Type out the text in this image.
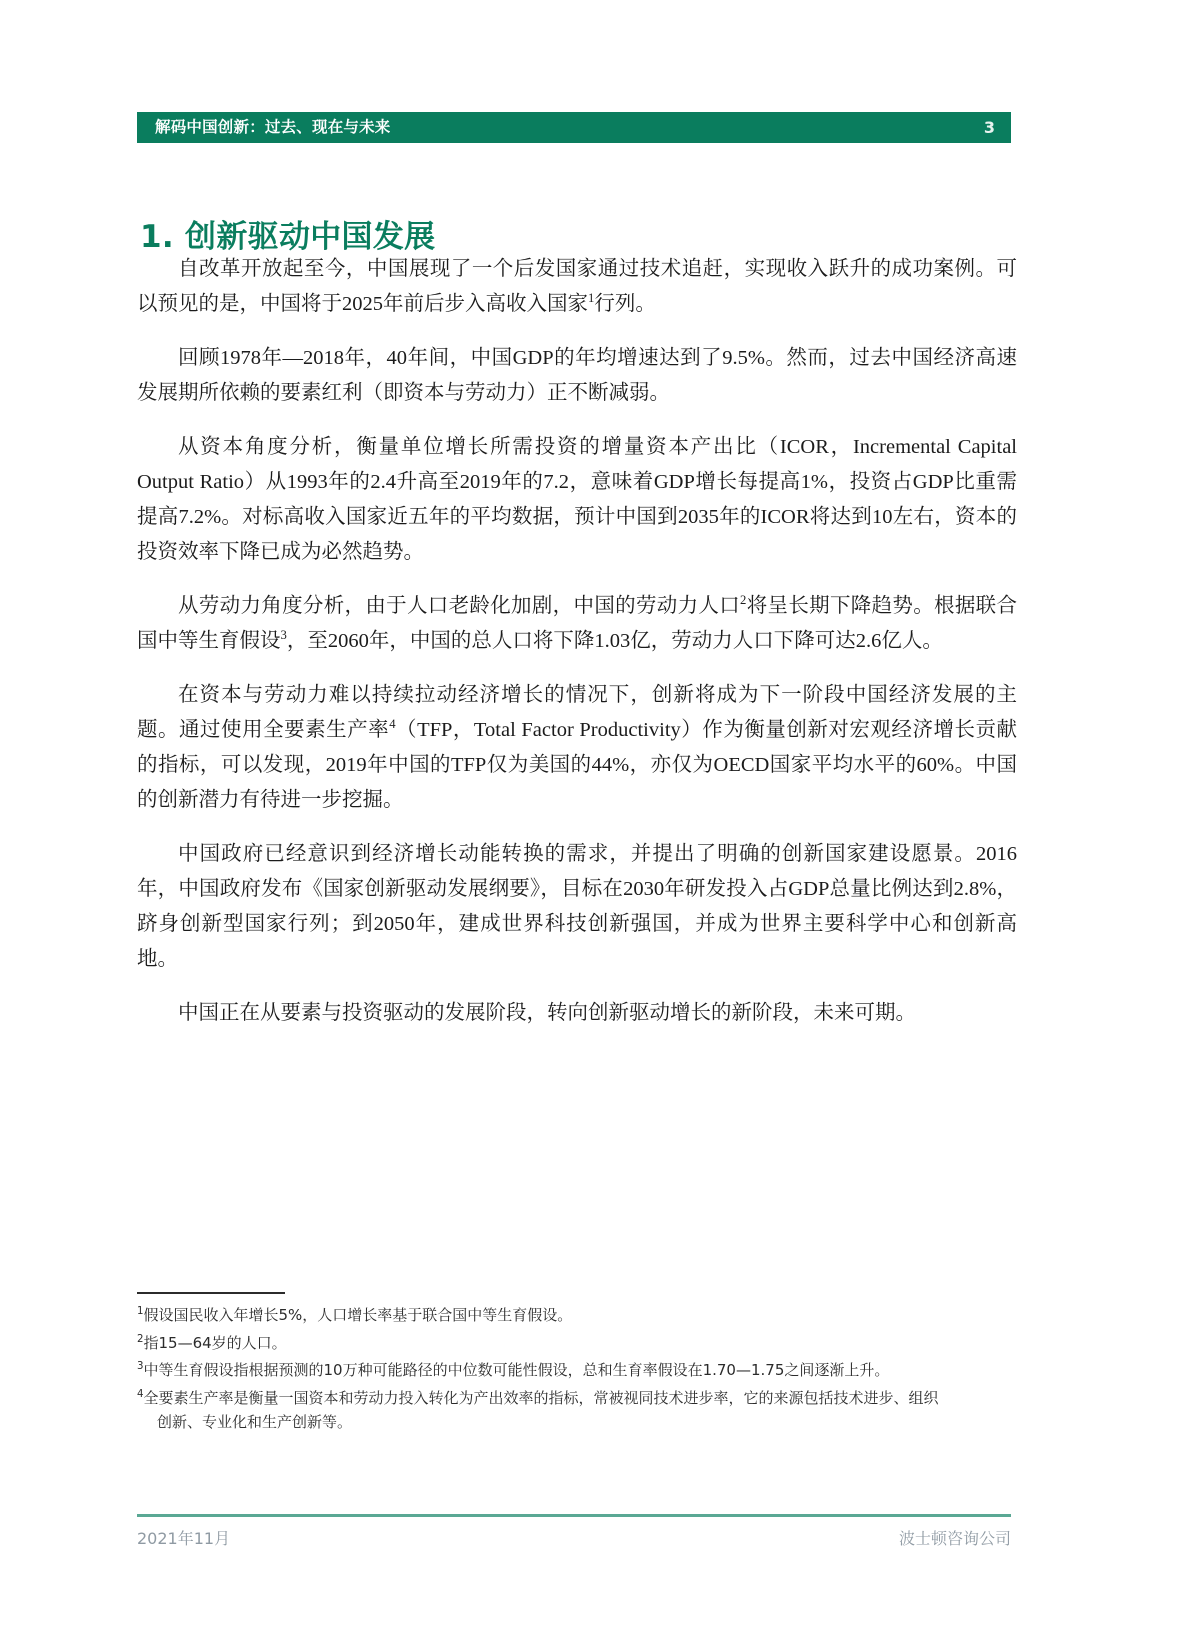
解码中国创新：过去、现在与未来	3
1. 创新驱动中国发展

自改革开放起至今，中国展现了一个后发国家通过技术追赶，实现收入跃升的成功案例。可以预见的是，中国将于2025年前后步入高收入国家$^1$行列。

回顾1978年—2018年，40年间，中国GDP的年均增速达到了9.5%。然而，过去中国经济高速发展期所依赖的要素红利（即资本与劳动力）正不断减弱。

从资本角度分析，衡量单位增长所需投资的增量资本产出比（ICOR，Incremental Capital Output Ratio）从1993年的2.4升高至2019年的7.2，意味着GDP增长每提高1%，投资占GDP比重需提高7.2%。对标高收入国家近五年的平均数据，预计中国到2035年的ICOR将达到10左右，资本的投资效率下降已成为必然趋势。

从劳动力角度分析，由于人口老龄化加剧，中国的劳动力人口$^2$将呈长期下降趋势。根据联合国中等生育假设$^3$，至2060年，中国的总人口将下降1.03亿，劳动力人口下降可达2.6亿人。

在资本与劳动力难以持续拉动经济增长的情况下，创新将成为下一阶段中国经济发展的主题。通过使用全要素生产率$^4$（TFP，Total Factor Productivity）作为衡量创新对宏观经济增长贡献的指标，可以发现，2019年中国的TFP仅为美国的44%，亦仅为OECD国家平均水平的60%。中国的创新潜力有待进一步挖掘。

中国政府已经意识到经济增长动能转换的需求，并提出了明确的创新国家建设愿景。2016年，中国政府发布《国家创新驱动发展纲要》，目标在2030年研发投入占GDP总量比例达到2.8%，跻身创新型国家行列；到2050年，建成世界科技创新强国，并成为世界主要科学中心和创新高地。

中国正在从要素与投资驱动的发展阶段，转向创新驱动增长的新阶段，未来可期。

$^1$假设国民收入年增长5%，人口增长率基于联合国中等生育假设。

$^2$指15—64岁的人口。

$^3$中等生育假设指根据预测的10万种可能路径的中位数可能性假设，总和生育率假设在1.70—1.75之间逐渐上升。

$^4$全要素生产率是衡量一国资本和劳动力投入转化为产出效率的指标，常被视同技术进步率，它的来源包括技术进步、组织
创新、专业化和生产创新等。

2021年11月	波士顿咨询公司
